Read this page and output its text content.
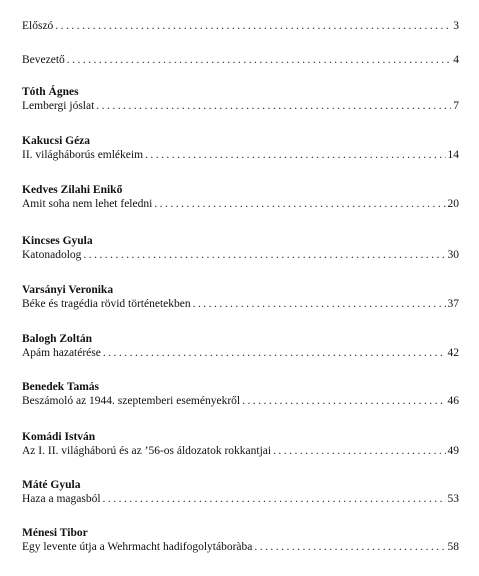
Előszó . . .	3
Bevezető . . .	4
Tóth Ágnes
Lembergi jóslat . . .	7
Kakucsi Géza
II. világháborús emlékeim . . .	14
Kedves Zilahi Enikő
Amit soha nem lehet feledni . . .	20
Kincses Gyula
Katonadolog . . .	30
Varsányi Veronika
Béke és tragédia rövid történetekben . . .	37
Balogh Zoltán
Apám hazatérése . . .	42
Benedek Tamás
Beszámoló az 1944. szeptemberi eseményekről . . .	46
Komádi István
Az I. II. világháború és az ’56-os áldozatok rokkantjai . . .	49
Máté Gyula
Haza a magasból . . .	53
Ménesi Tibor
Egy levente útja a Wehrmacht hadifogolytáboràba . . .	58
